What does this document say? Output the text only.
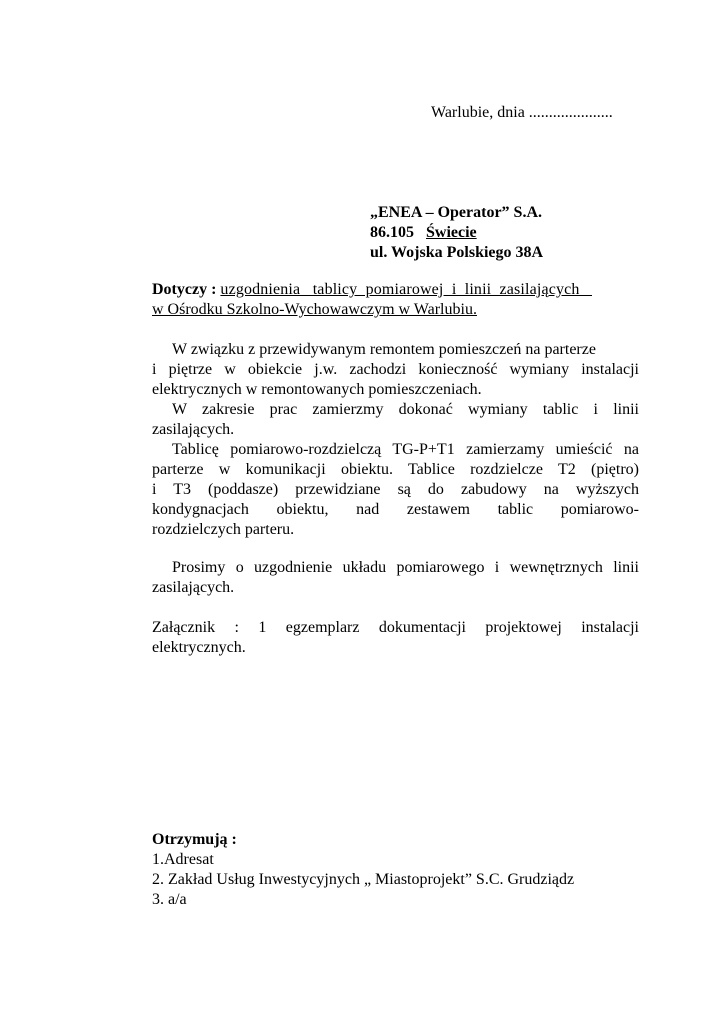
Warlubie, dnia .....................
„ENEA – Operator” S.A.
86.105 Świecie
ul. Wojska Polskiego 38A
Dotyczy : uzgodnienia   tablicy  pomiarowej  i  linii  zasilających
w Ośrodku Szkolno-Wychowawczym w Warlubiu.
W związku z przewidywanym remontem pomieszczeń na parterze
i piętrze w obiekcie j.w. zachodzi konieczność wymiany instalacji
elektrycznych w remontowanych pomieszczeniach.
W zakresie prac zamierzmy dokonać wymiany tablic i linii
zasilających.
Tablicę pomiarowo-rozdzielczą TG-P+T1 zamierzamy umieścić na
parterze w komunikacji obiektu. Tablice rozdzielcze T2 (piętro)
i T3 (poddasze) przewidziane są do zabudowy na wyższych
kondygnacjach obiektu, nad zestawem tablic pomiarowo-
rozdzielczych parteru.
Prosimy o uzgodnienie układu pomiarowego i wewnętrznych linii
zasilających.
Załącznik : 1 egzemplarz dokumentacji projektowej instalacji
elektrycznych.
Otrzymują :
1.Adresat
2. Zakład Usług Inwestycyjnych „ Miastoprojekt” S.C. Grudziądz
3. a/a
